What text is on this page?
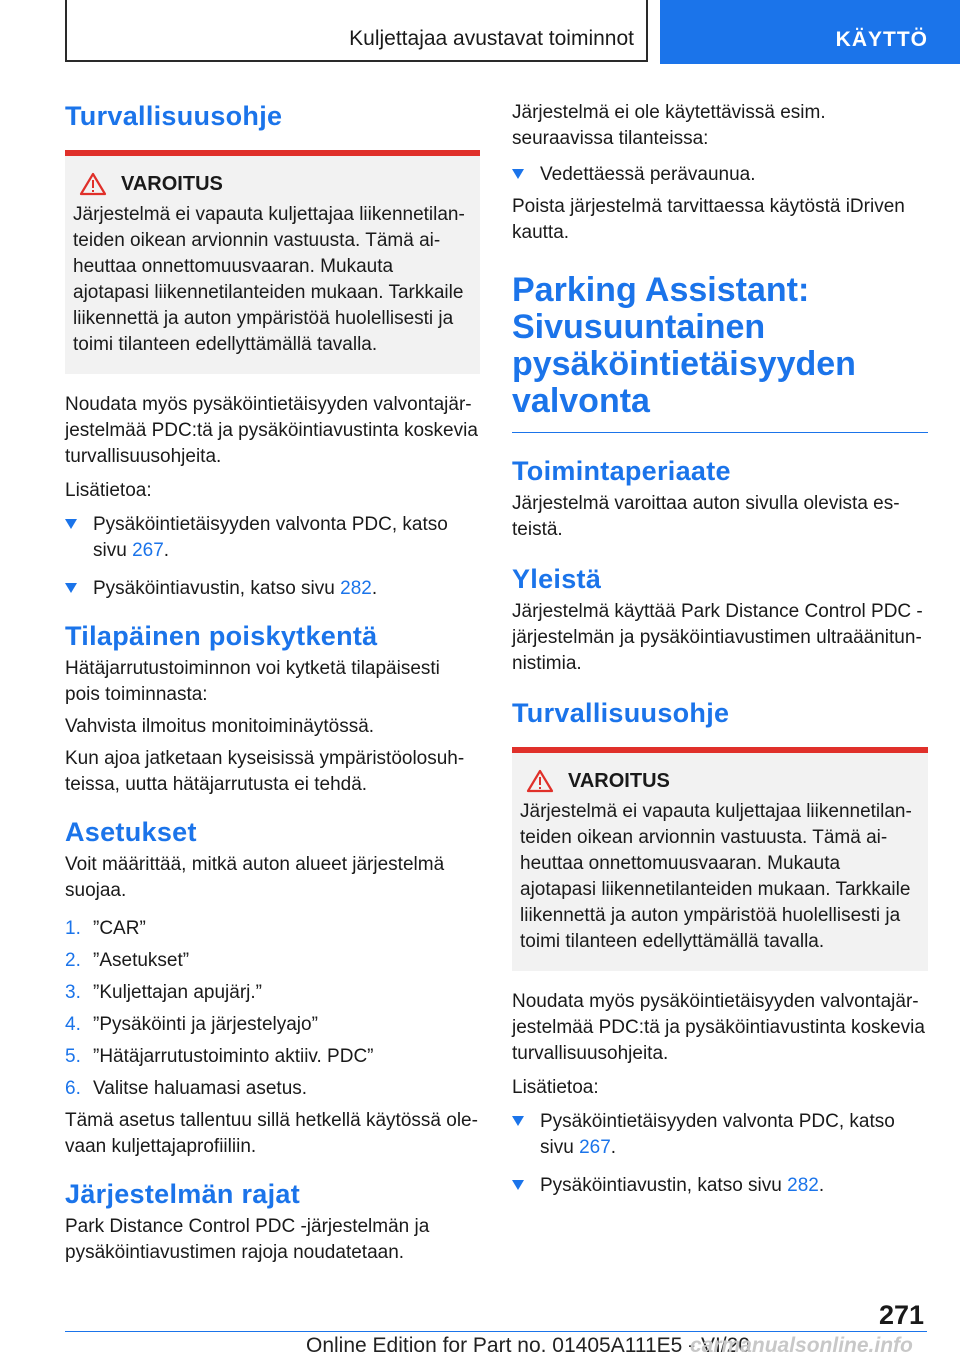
Kuljettajaa avustavat toiminnot	KÄYTTÖ
Turvallisuusohje
VAROITUS

Järjestelmä ei vapauta kuljettajaa liikennetilanteiden oikean arvionnin vastuusta. Tämä aiheuttaa onnettomuusvaaran. Mukauta ajotapasi liikennetilanteiden mukaan. Tarkkaile liikennettä ja auton ympäristöä huolellisesti ja toimi tilanteen edellyttämällä tavalla.

Noudata myös pysäköintietäisyyden valvontajärjestelmää PDC:tä ja pysäköintiavustinta koskevia turvallisuusohjeita.

Lisätietoa:

Pysäköintietäisyyden valvonta PDC, katso sivu 267.
Pysäköintiavustin, katso sivu 282.
Tilapäinen poiskytkentä

Hätäjarrutustoiminnon voi kytketä tilapäisesti pois toiminnasta:

Vahvista ilmoitus monitoiminäytössä.

Kun ajoa jatketaan kyseisissä ympäristöolosuhteissa, uutta hätäjarrutusta ei tehdä.

Asetukset

Voit määrittää, mitkä auton alueet järjestelmä suojaa.

1. ”CAR”
2. ”Asetukset”
3. ”Kuljettajan apujärj.”
4. ”Pysäköinti ja järjestelyajo”
5. ”Hätäjarrutustoiminto aktiiv. PDC”
6. Valitse haluamasi asetus.

Tämä asetus tallentuu sillä hetkellä käytössä olevaan kuljettajaprofiiliin.

Järjestelmän rajat

Park Distance Control PDC -järjestelmän ja pysäköintiavustimen rajoja noudatetaan.

Järjestelmä ei ole käytettävissä esim. seuraavissa tilanteissa:

Vedettäessä perävaunua.

Poista järjestelmä tarvittaessa käytöstä iDriven kautta.

Parking Assistant: Sivusuuntainen pysäköintietäisyyden valvonta
Toimintaperiaate

Järjestelmä varoittaa auton sivulla olevista esteistä.

Yleistä

Järjestelmä käyttää Park Distance Control PDC -järjestelmän ja pysäköintiavustimen ultraäänitunnistimia.

Turvallisuusohje
VAROITUS

Järjestelmä ei vapauta kuljettajaa liikennetilanteiden oikean arvionnin vastuusta. Tämä aiheuttaa onnettomuusvaaran. Mukauta ajotapasi liikennetilanteiden mukaan. Tarkkaile liikennettä ja auton ympäristöä huolellisesti ja toimi tilanteen edellyttämällä tavalla.

Noudata myös pysäköintietäisyyden valvontajärjestelmää PDC:tä ja pysäköintiavustinta koskevia turvallisuusohjeita.

Lisätietoa:

Pysäköintietäisyyden valvonta PDC, katso sivu 267.
Pysäköintiavustin, katso sivu 282.
271
Online Edition for Part no. 01405A111E5 - VI/20
carmanualsonline.info
